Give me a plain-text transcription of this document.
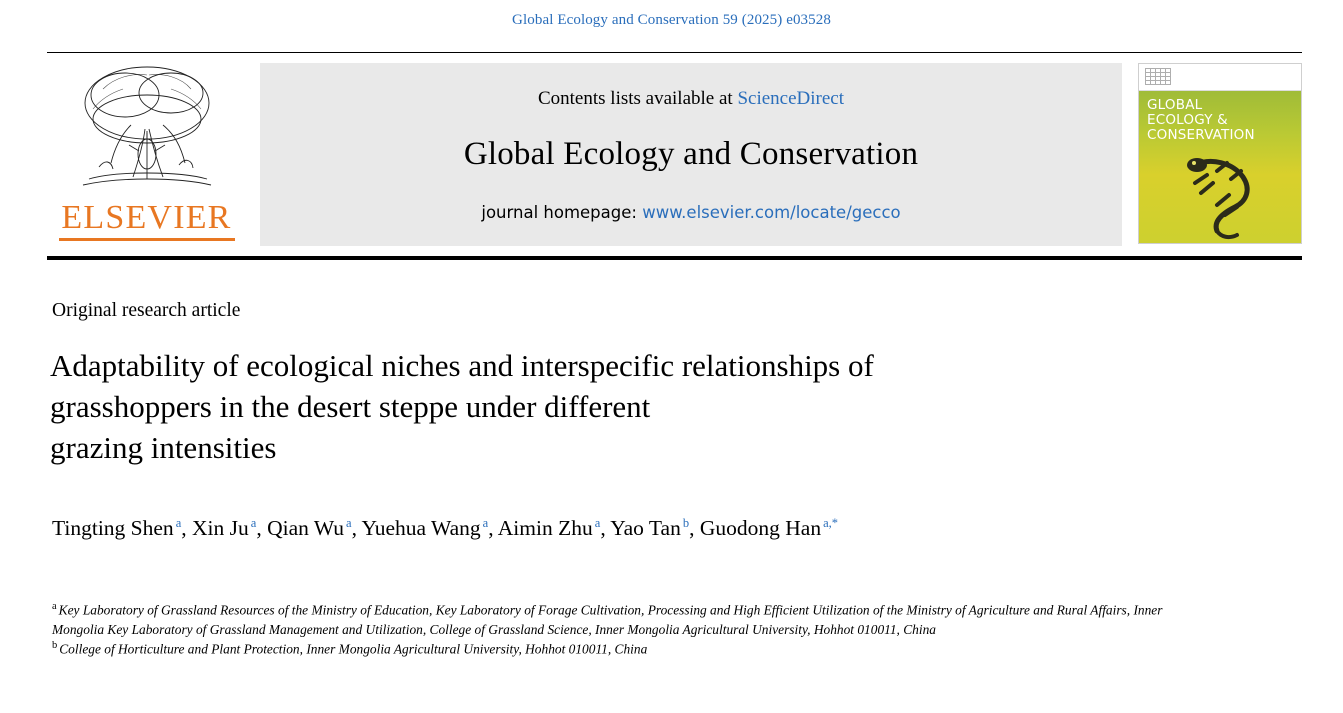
Global Ecology and Conservation 59 (2025) e03528
ELSEVIER
Contents lists available at ScienceDirect
Global Ecology and Conservation
journal homepage: www.elsevier.com/locate/gecco
GLOBAL
ECOLOGY &
CONSERVATION
Original research article
Adaptability of ecological niches and interspecific relationships of
grasshoppers in the desert steppe under different
grazing intensities
Tingting Shen $^a$, Xin Ju $^a$, Qian Wu $^a$, Yuehua Wang $^a$, Aimin Zhu $^a$, Yao Tan $^b$, Guodong Han $^{a,*}$
$^a$ Key Laboratory of Grassland Resources of the Ministry of Education, Key Laboratory of Forage Cultivation, Processing and High Efficient Utilization of the Ministry of Agriculture and Rural Affairs, Inner Mongolia Key Laboratory of Grassland Management and Utilization, College of Grassland Science, Inner Mongolia Agricultural University, Hohhot 010011, China
$^b$ College of Horticulture and Plant Protection, Inner Mongolia Agricultural University, Hohhot 010011, China
